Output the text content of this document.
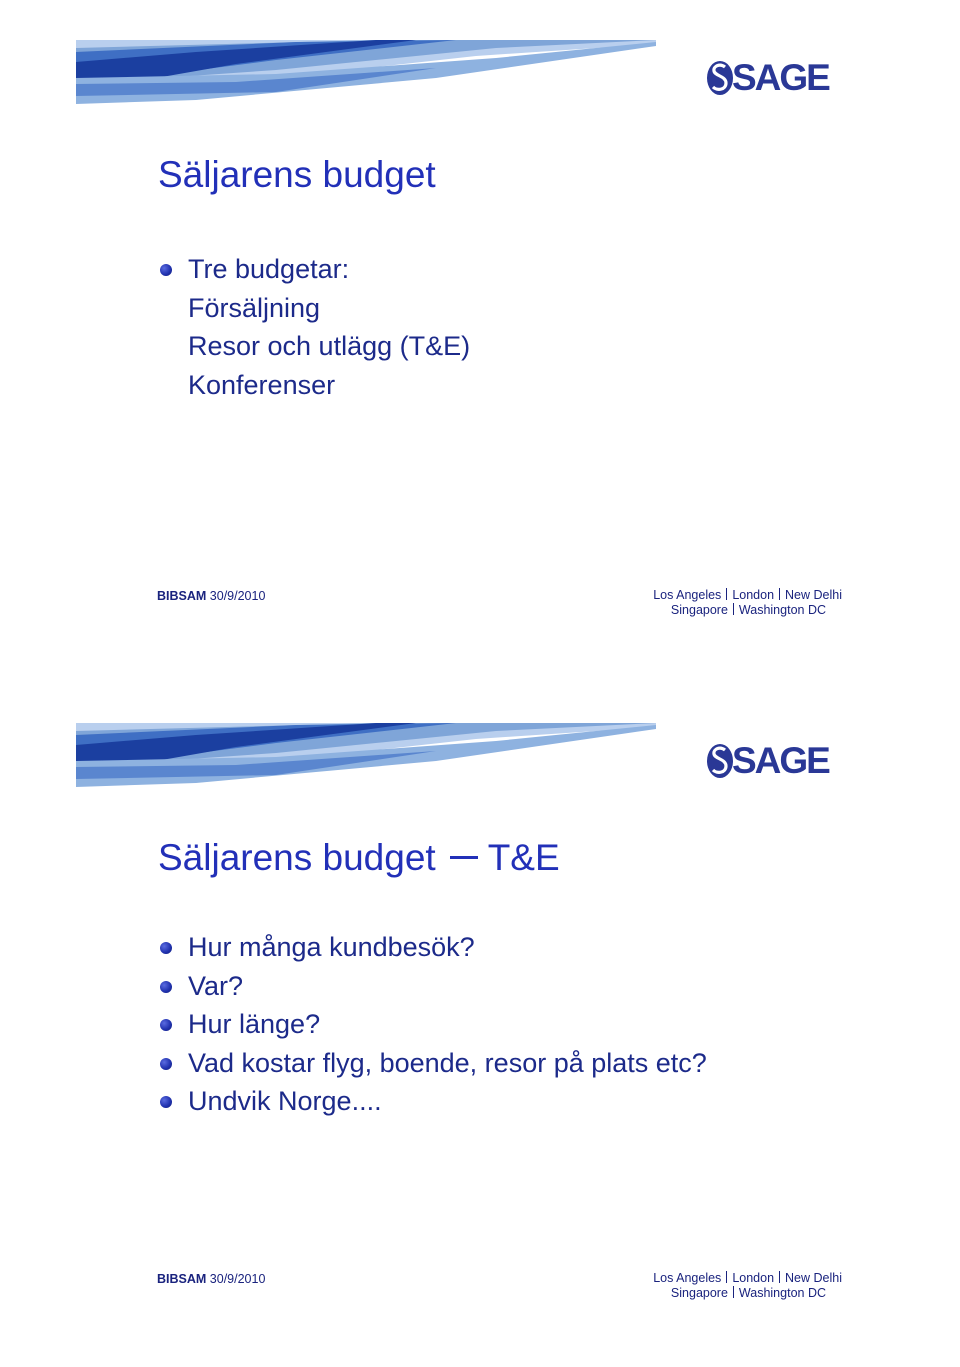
SAGE
Säljarens budget
Tre budgetar:
Försäljning
Resor och utlägg (T&E)
Konferenser
BIBSAM 30/9/2010	Los Angeles London New Delhi
Singapore Washington DC
SAGE
Säljarens budget T&E
Hur många kundbesök?
Var?
Hur länge?
Vad kostar flyg, boende, resor på plats etc?
Undvik Norge....
BIBSAM 30/9/2010	Los Angeles London New Delhi
Singapore Washington DC
